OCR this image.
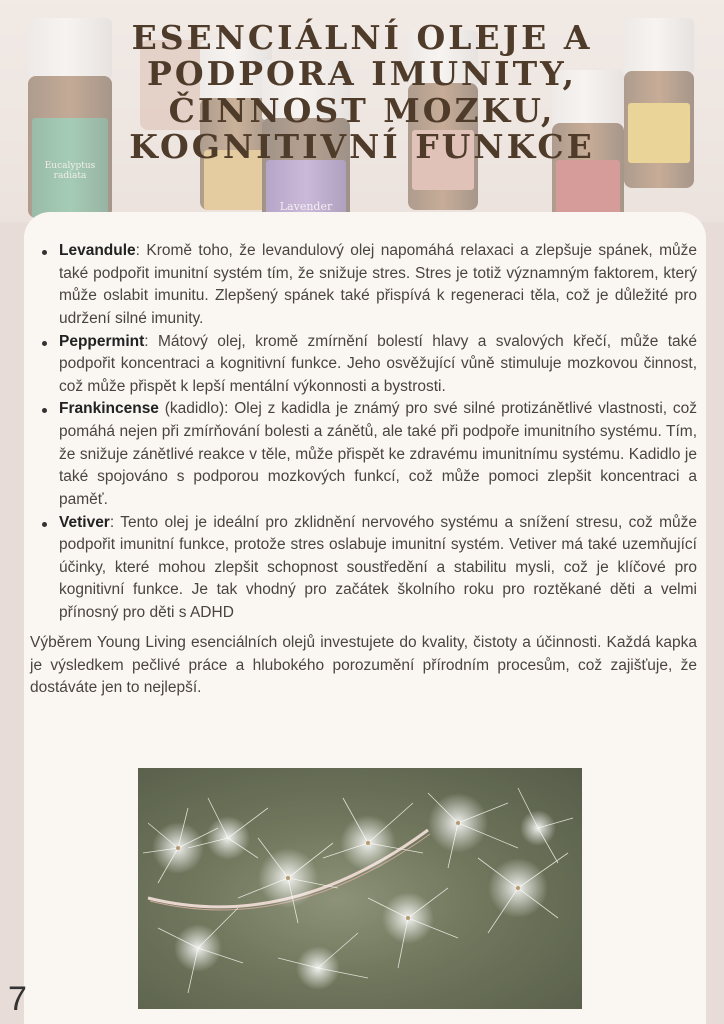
ESENCIÁLNÍ OLEJE A
PODPORA IMUNITY,
ČINNOST MOZKU,
KOGNITIVNÍ FUNKCE
Levandule: Kromě toho, že levandulový olej napomáhá relaxaci a zlepšuje spánek, může také podpořit imunitní systém tím, že snižuje stres. Stres je totiž významným faktorem, který může oslabit imunitu. Zlepšený spánek také přispívá k regeneraci těla, což je důležité pro udržení silné imunity.
Peppermint: Mátový olej, kromě zmírnění bolestí hlavy a svalových křečí, může také podpořit koncentraci a kognitivní funkce. Jeho osvěžující vůně stimuluje mozkovou činnost, což může přispět k lepší mentální výkonnosti a bystrosti.
Frankincense (kadidlo): Olej z kadidla je známý pro své silné protizánětlivé vlastnosti, což pomáhá nejen při zmírňování bolesti a zánětů, ale také při podpoře imunitního systému. Tím, že snižuje zánětlivé reakce v těle, může přispět ke zdravému imunitnímu systému. Kadidlo je také spojováno s podporou mozkových funkcí, což může pomoci zlepšit koncentraci a paměť.
Vetiver: Tento olej je ideální pro zklidnění nervového systému a snížení stresu, což může podpořit imunitní funkce, protože stres oslabuje imunitní systém. Vetiver má také uzemňující účinky, které mohou zlepšit schopnost soustředění a stabilitu mysli, což je klíčové pro kognitivní funkce. Je tak vhodný pro začátek školního roku pro roztěkané děti a velmi přínosný pro děti s ADHD

Výběrem Young Living esenciálních olejů investujete do kvality, čistoty a účinnosti. Každá kapka je výsledkem pečlivé práce a hlubokého porozumění přírodním procesům, což zajišťuje, že dostáváte jen to nejlepší.

7
